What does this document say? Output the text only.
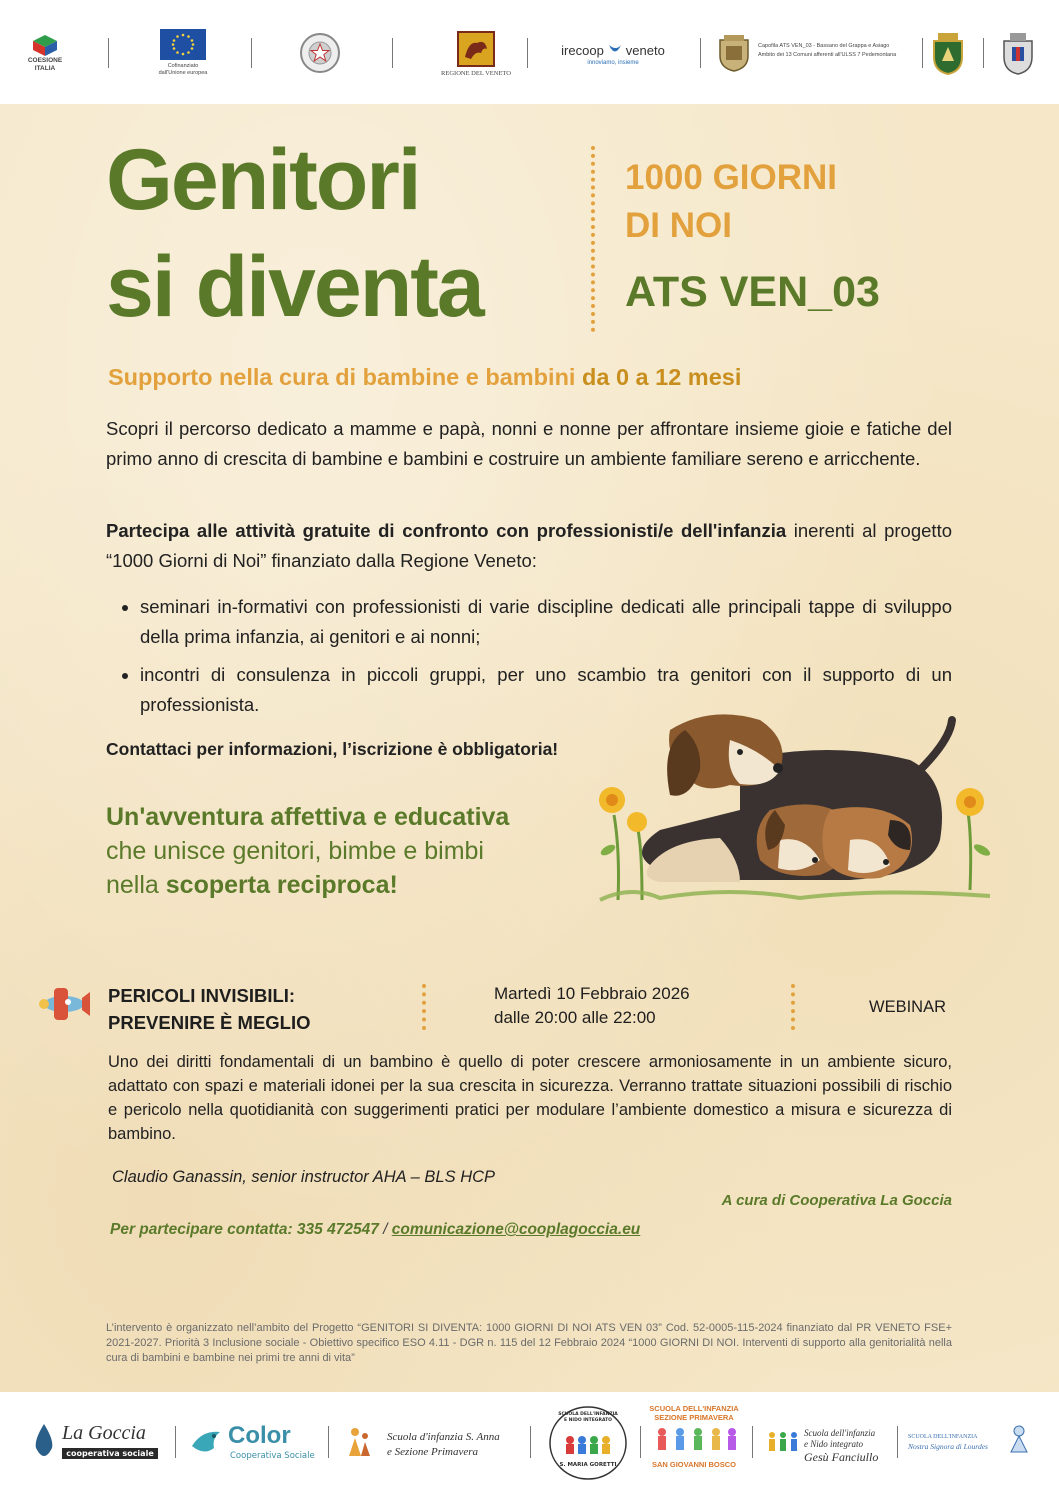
COESIONE ITALIA	Cofinanziato dall'Unione europea	REGIONE DEL VENETO
irecoop veneto
innoviamo, insieme
Capofila ATS VEN_03 - Bassano del Grappa e Asiago
Ambito dei 13 Comuni afferenti all'ULSS 7 Pedemontana
Genitori
si diventa
1000 GIORNI
DI NOI
ATS VEN_03
Supporto nella cura di bambine e bambini da 0 a 12 mesi
Scopri il percorso dedicato a mamme e papà, nonni e nonne per affrontare insieme gioie e fatiche del primo anno di crescita di bambine e bambini e costruire un ambiente familiare sereno e arricchente.
Partecipa alle attività gratuite di confronto con professionisti/e dell'infanzia inerenti al progetto “1000 Giorni di Noi” finanziato dalla Regione Veneto:
• seminari in-formativi con professionisti di varie discipline dedicati alle principali tappe di sviluppo della prima infanzia, ai genitori e ai nonni;
• incontri di consulenza in piccoli gruppi, per uno scambio tra genitori con il supporto di un professionista.
Contattaci per informazioni, l’iscrizione è obbligatoria!
Un'avventura affettiva e educativa
che unisce genitori, bimbe e bimbi
nella scoperta reciproca!
PERICOLI INVISIBILI:
PREVENIRE È MEGLIO
Martedì 10 Febbraio 2026
dalle 20:00 alle 22:00
WEBINAR
Uno dei diritti fondamentali di un bambino è quello di poter crescere armoniosamente in un ambiente sicuro, adattato con spazi e materiali idonei per la sua crescita in sicurezza. Verranno trattate situazioni possibili di rischio e pericolo nella quotidianità con suggerimenti pratici per modulare l’ambiente domestico a misura e sicurezza di bambino.
Claudio Ganassin, senior instructor AHA – BLS HCP
A cura di Cooperativa La Goccia
Per partecipare contatta: 335 472547 / comunicazione@cooplagoccia.eu
L’intervento è organizzato nell’ambito del Progetto “GENITORI SI DIVENTA: 1000 GIORNI DI NOI ATS VEN 03” Cod. 52-0005-115-2024 finanziato dal PR VENETO FSE+ 2021-2027. Priorità 3 Inclusione sociale - Obiettivo specifico ESO 4.11 - DGR n. 115 del 12 Febbraio 2024 “1000 GIORNI DI NOI. Interventi di supporto alla genitorialità nella cura di bambini e bambine nei primi tre anni di vita”
La Goccia
cooperativa sociale
Color
Cooperativa Sociale
Scuola d'infanzia S. Anna
e Sezione Primavera
SCUOLA DELL'INFANZIA E NIDO INTEGRATO
S. MARIA GORETTI
SCUOLA DELL'INFANZIA
SEZIONE PRIMAVERA
SAN GIOVANNI BOSCO
Scuola dell'infanzia
e Nido integrato
Gesù Fanciullo
SCUOLA DELL'INFANZIA
Nostra Signora di Lourdes
